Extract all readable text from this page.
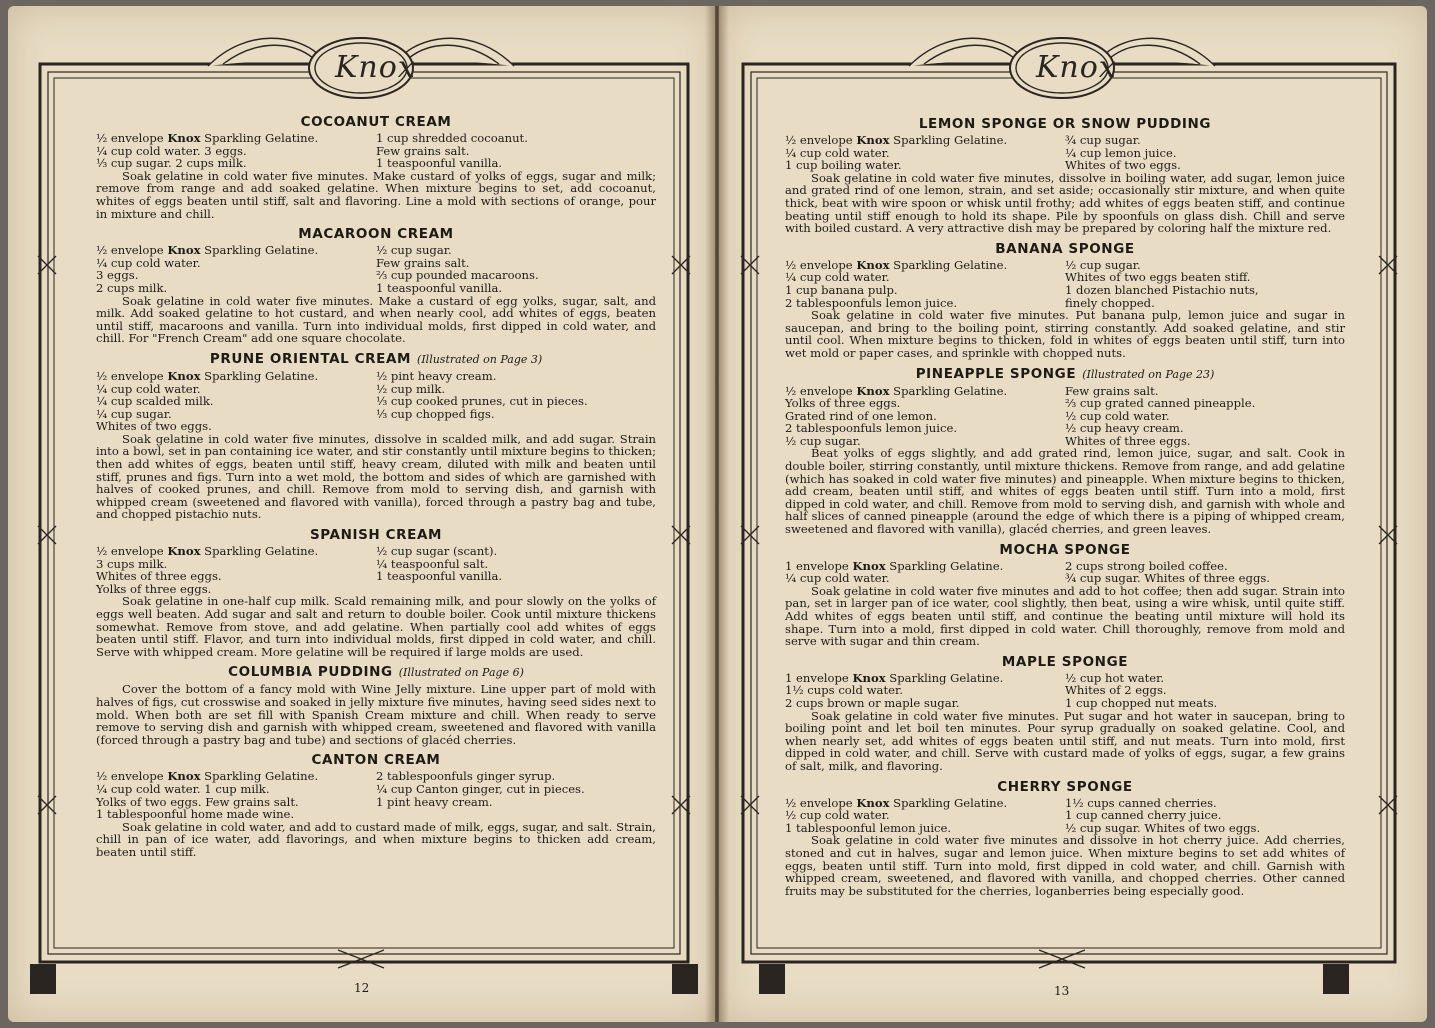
Knox
COCOANUT CREAM
½ envelope Knox Sparkling Gelatine.
¼ cup cold water. 3 eggs.
⅓ cup sugar. 2 cups milk.
1 cup shredded cocoanut.
Few grains salt.
1 teaspoonful vanilla.

Soak gelatine in cold water five minutes. Make custard of yolks of eggs, sugar and milk; remove from range and add soaked gelatine. When mixture begins to set, add cocoanut, whites of eggs beaten until stiff, salt and flavoring. Line a mold with sections of orange, pour in mixture and chill.

MACAROON CREAM
½ envelope Knox Sparkling Gelatine.
¼ cup cold water.
3 eggs.
2 cups milk.
½ cup sugar.
Few grains salt.
⅔ cup pounded macaroons.
1 teaspoonful vanilla.

Soak gelatine in cold water five minutes. Make a custard of egg yolks, sugar, salt, and milk. Add soaked gelatine to hot custard, and when nearly cool, add whites of eggs, beaten until stiff, macaroons and vanilla. Turn into individual molds, first dipped in cold water, and chill. For "French Cream" add one square chocolate.

PRUNE ORIENTAL CREAM (Illustrated on Page 3)
½ envelope Knox Sparkling Gelatine.
¼ cup cold water.
¼ cup scalded milk.
¼ cup sugar.
Whites of two eggs.
½ pint heavy cream.
½ cup milk.
⅓ cup cooked prunes, cut in pieces.
⅓ cup chopped figs.

Soak gelatine in cold water five minutes, dissolve in scalded milk, and add sugar. Strain into a bowl, set in pan containing ice water, and stir constantly until mixture begins to thicken; then add whites of eggs, beaten until stiff, heavy cream, diluted with milk and beaten until stiff, prunes and figs. Turn into a wet mold, the bottom and sides of which are garnished with halves of cooked prunes, and chill. Remove from mold to serving dish, and garnish with whipped cream (sweetened and flavored with vanilla), forced through a pastry bag and tube, and chopped pistachio nuts.

SPANISH CREAM
½ envelope Knox Sparkling Gelatine.
3 cups milk.
Whites of three eggs.
Yolks of three eggs.
½ cup sugar (scant).
¼ teaspoonful salt.
1 teaspoonful vanilla.

Soak gelatine in one-half cup milk. Scald remaining milk, and pour slowly on the yolks of eggs well beaten. Add sugar and salt and return to double boiler. Cook until mixture thickens somewhat. Remove from stove, and add gelatine. When partially cool add whites of eggs beaten until stiff. Flavor, and turn into individual molds, first dipped in cold water, and chill. Serve with whipped cream. More gelatine will be required if large molds are used.

COLUMBIA PUDDING (Illustrated on Page 6)

Cover the bottom of a fancy mold with Wine Jelly mixture. Line upper part of mold with halves of figs, cut crosswise and soaked in jelly mixture five minutes, having seed sides next to mold. When both are set fill with Spanish Cream mixture and chill. When ready to serve remove to serving dish and garnish with whipped cream, sweetened and flavored with vanilla (forced through a pastry bag and tube) and sections of glacéd cherries.

CANTON CREAM
½ envelope Knox Sparkling Gelatine.
¼ cup cold water. 1 cup milk.
Yolks of two eggs. Few grains salt.
1 tablespoonful home made wine.
2 tablespoonfuls ginger syrup.
¼ cup Canton ginger, cut in pieces.
1 pint heavy cream.

Soak gelatine in cold water, and add to custard made of milk, eggs, sugar, and salt. Strain, chill in pan of ice water, add flavorings, and when mixture begins to thicken add cream, beaten until stiff.

12
Knox
LEMON SPONGE OR SNOW PUDDING
½ envelope Knox Sparkling Gelatine.
¼ cup cold water.
1 cup boiling water.
¾ cup sugar.
¼ cup lemon juice.
Whites of two eggs.

Soak gelatine in cold water five minutes, dissolve in boiling water, add sugar, lemon juice and grated rind of one lemon, strain, and set aside; occasionally stir mixture, and when quite thick, beat with wire spoon or whisk until frothy; add whites of eggs beaten stiff, and continue beating until stiff enough to hold its shape. Pile by spoonfuls on glass dish. Chill and serve with boiled custard. A very attractive dish may be prepared by coloring half the mixture red.

BANANA SPONGE
½ envelope Knox Sparkling Gelatine.
¼ cup cold water.
1 cup banana pulp.
2 tablespoonfuls lemon juice.
½ cup sugar.
Whites of two eggs beaten stiff.
1 dozen blanched Pistachio nuts,
finely chopped.

Soak gelatine in cold water five minutes. Put banana pulp, lemon juice and sugar in saucepan, and bring to the boiling point, stirring constantly. Add soaked gelatine, and stir until cool. When mixture begins to thicken, fold in whites of eggs beaten until stiff, turn into wet mold or paper cases, and sprinkle with chopped nuts.

PINEAPPLE SPONGE (Illustrated on Page 23)
½ envelope Knox Sparkling Gelatine.
Yolks of three eggs.
Grated rind of one lemon.
2 tablespoonfuls lemon juice.
½ cup sugar.
Few grains salt.
⅔ cup grated canned pineapple.
½ cup cold water.
½ cup heavy cream.
Whites of three eggs.

Beat yolks of eggs slightly, and add grated rind, lemon juice, sugar, and salt. Cook in double boiler, stirring constantly, until mixture thickens. Remove from range, and add gelatine (which has soaked in cold water five minutes) and pineapple. When mixture begins to thicken, add cream, beaten until stiff, and whites of eggs beaten until stiff. Turn into a mold, first dipped in cold water, and chill. Remove from mold to serving dish, and garnish with whole and half slices of canned pineapple (around the edge of which there is a piping of whipped cream, sweetened and flavored with vanilla), glacéd cherries, and green leaves.

MOCHA SPONGE
1 envelope Knox Sparkling Gelatine.
¼ cup cold water.
2 cups strong boiled coffee.
¾ cup sugar. Whites of three eggs.

Soak gelatine in cold water five minutes and add to hot coffee; then add sugar. Strain into pan, set in larger pan of ice water, cool slightly, then beat, using a wire whisk, until quite stiff. Add whites of eggs beaten until stiff, and continue the beating until mixture will hold its shape. Turn into a mold, first dipped in cold water. Chill thoroughly, remove from mold and serve with sugar and thin cream.

MAPLE SPONGE
1 envelope Knox Sparkling Gelatine.
1½ cups cold water.
2 cups brown or maple sugar.
½ cup hot water.
Whites of 2 eggs.
1 cup chopped nut meats.

Soak gelatine in cold water five minutes. Put sugar and hot water in saucepan, bring to boiling point and let boil ten minutes. Pour syrup gradually on soaked gelatine. Cool, and when nearly set, add whites of eggs beaten until stiff, and nut meats. Turn into mold, first dipped in cold water, and chill. Serve with custard made of yolks of eggs, sugar, a few grains of salt, milk, and flavoring.

CHERRY SPONGE
½ envelope Knox Sparkling Gelatine.
½ cup cold water.
1 tablespoonful lemon juice.
1½ cups canned cherries.
1 cup canned cherry juice.
½ cup sugar. Whites of two eggs.

Soak gelatine in cold water five minutes and dissolve in hot cherry juice. Add cherries, stoned and cut in halves, sugar and lemon juice. When mixture begins to set add whites of eggs, beaten until stiff. Turn into mold, first dipped in cold water, and chill. Garnish with whipped cream, sweetened, and flavored with vanilla, and chopped cherries. Other canned fruits may be substituted for the cherries, loganberries being especially good.

13
